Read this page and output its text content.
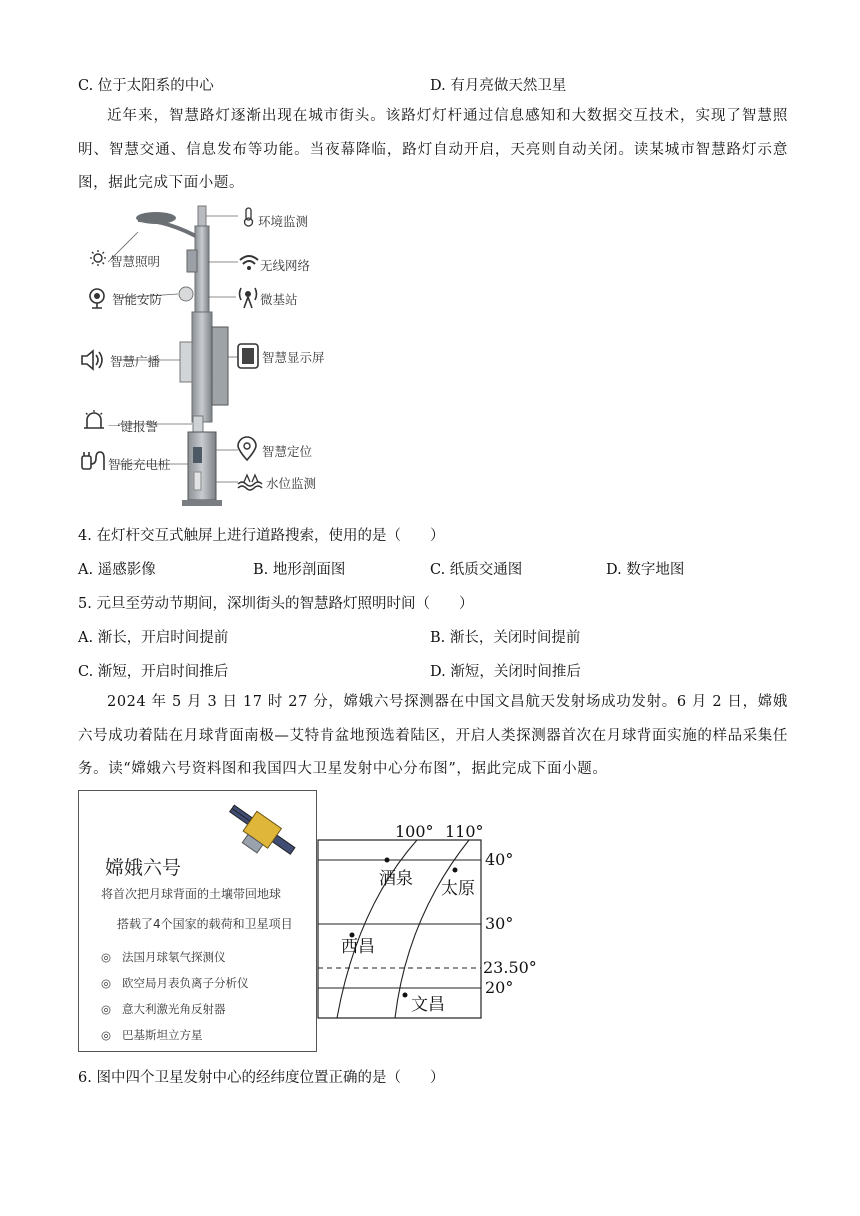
C. 位于太阳系的中心	D. 有月亮做天然卫星
近年来，智慧路灯逐渐出现在城市街头。该路灯灯杆通过信息感知和大数据交互技术，实现了智慧照明、智慧交通、信息发布等功能。当夜幕降临，路灯自动开启，天亮则自动关闭。读某城市智慧路灯示意图，据此完成下面小题。
环境监测
无线网络
智慧照明
智能安防	微基站
智慧广播	智慧显示屏
一键报警
智慧定位
智能充电桩
水位监测
4. 在灯杆交互式触屏上进行道路搜索，使用的是（　　）
A. 遥感影像	B. 地形剖面图	C. 纸质交通图	D. 数字地图
5. 元旦至劳动节期间，深圳街头的智慧路灯照明时间（　　）
A. 渐长，开启时间提前	B. 渐长，关闭时间提前
C. 渐短，开启时间推后	D. 渐短，关闭时间推后
2024 年 5 月 3 日 17 时 27 分，嫦娥六号探测器在中国文昌航天发射场成功发射。6 月 2 日，嫦娥六号成功着陆在月球背面南极—艾特肯盆地预选着陆区，开启人类探测器首次在月球背面实施的样品采集任务。读“嫦娥六号资料图和我国四大卫星发射中心分布图”，据此完成下面小题。
嫦娥六号
将首次把月球背面的土壤带回地球
搭载了4个国家的载荷和卫星项目
◎ 法国月球氡气探测仪
◎ 欧空局月表负离子分析仪
◎ 意大利激光角反射器
◎ 巴基斯坦立方星
100° 110°
40°
30°
23.50°
20°
酒泉 太原
西昌
文昌
6. 图中四个卫星发射中心的经纬度位置正确的是（　　）
